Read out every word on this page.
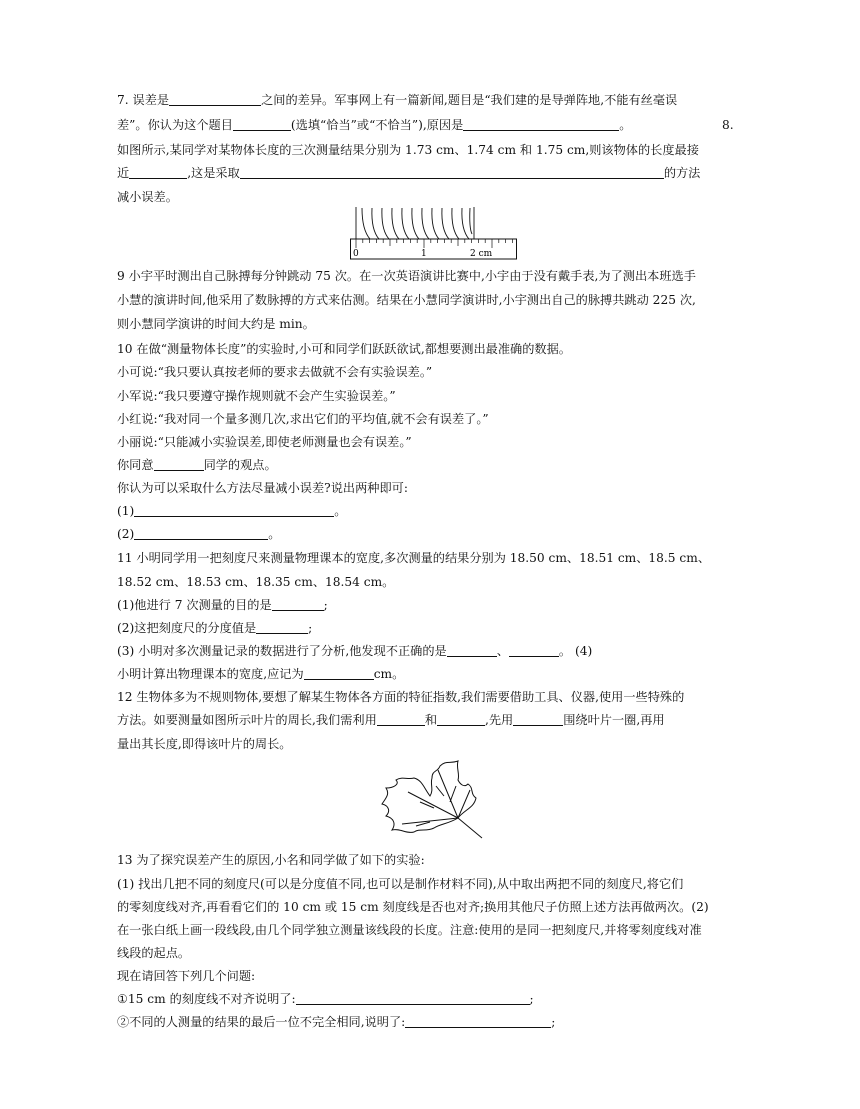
7. 误差是	之间的差异。军事网上有一篇新闻,题目是“我们建的是导弹阵地,不能有丝毫误
差”。你认为这个题目	(选填“恰当”或“不恰当”),原因是	。	8.
如图所示,某同学对某物体长度的三次测量结果分别为 1.73 cm、1.74 cm 和 1.75 cm,则该物体的长度最接
近	,这是采取	的方法
减小误差。
0	1	2 cm
9 小宇平时测出自己脉搏每分钟跳动 75 次。在一次英语演讲比赛中,小宇由于没有戴手表,为了测出本班选手
小慧的演讲时间,他采用了数脉搏的方式来估测。结果在小慧同学演讲时,小宇测出自己的脉搏共跳动 225 次,
则小慧同学演讲的时间大约是 min。
10 在做“测量物体长度”的实验时,小可和同学们跃跃欲试,都想要测出最准确的数据。
小可说:“我只要认真按老师的要求去做就不会有实验误差。”
小军说:“我只要遵守操作规则就不会产生实验误差。”
小红说:“我对同一个量多测几次,求出它们的平均值,就不会有误差了。”
小丽说:“只能减小实验误差,即使老师测量也会有误差。”
你同意	同学的观点。
你认为可以采取什么方法尽量减小误差?说出两种即可:
(1)	。
(2)	。
11 小明同学用一把刻度尺来测量物理课本的宽度,多次测量的结果分别为 18.50 cm、18.51 cm、18.5 cm、
18.52 cm、18.53 cm、18.35 cm、18.54 cm。
(1)他进行 7 次测量的目的是	;
(2)这把刻度尺的分度值是	;
(3) 小明对多次测量记录的数据进行了分析,他发现不正确的是	、	。 (4)
小明计算出物理课本的宽度,应记为	cm。
12 生物体多为不规则物体,要想了解某生物体各方面的特征指数,我们需要借助工具、仪器,使用一些特殊的
方法。如要测量如图所示叶片的周长,我们需利用	和	,先用	围绕叶片一圈,再用
量出其长度,即得该叶片的周长。
13 为了探究误差产生的原因,小名和同学做了如下的实验:
(1) 找出几把不同的刻度尺(可以是分度值不同,也可以是制作材料不同),从中取出两把不同的刻度尺,将它们
的零刻度线对齐,再看看它们的 10 cm 或 15 cm 刻度线是否也对齐;换用其他尺子仿照上述方法再做两次。(2)
在一张白纸上画一段线段,由几个同学独立测量该线段的长度。注意:使用的是同一把刻度尺,并将零刻度线对准
线段的起点。
现在请回答下列几个问题:
①15 cm 的刻度线不对齐说明了:	;
②不同的人测量的结果的最后一位不完全相同,说明了:	;
